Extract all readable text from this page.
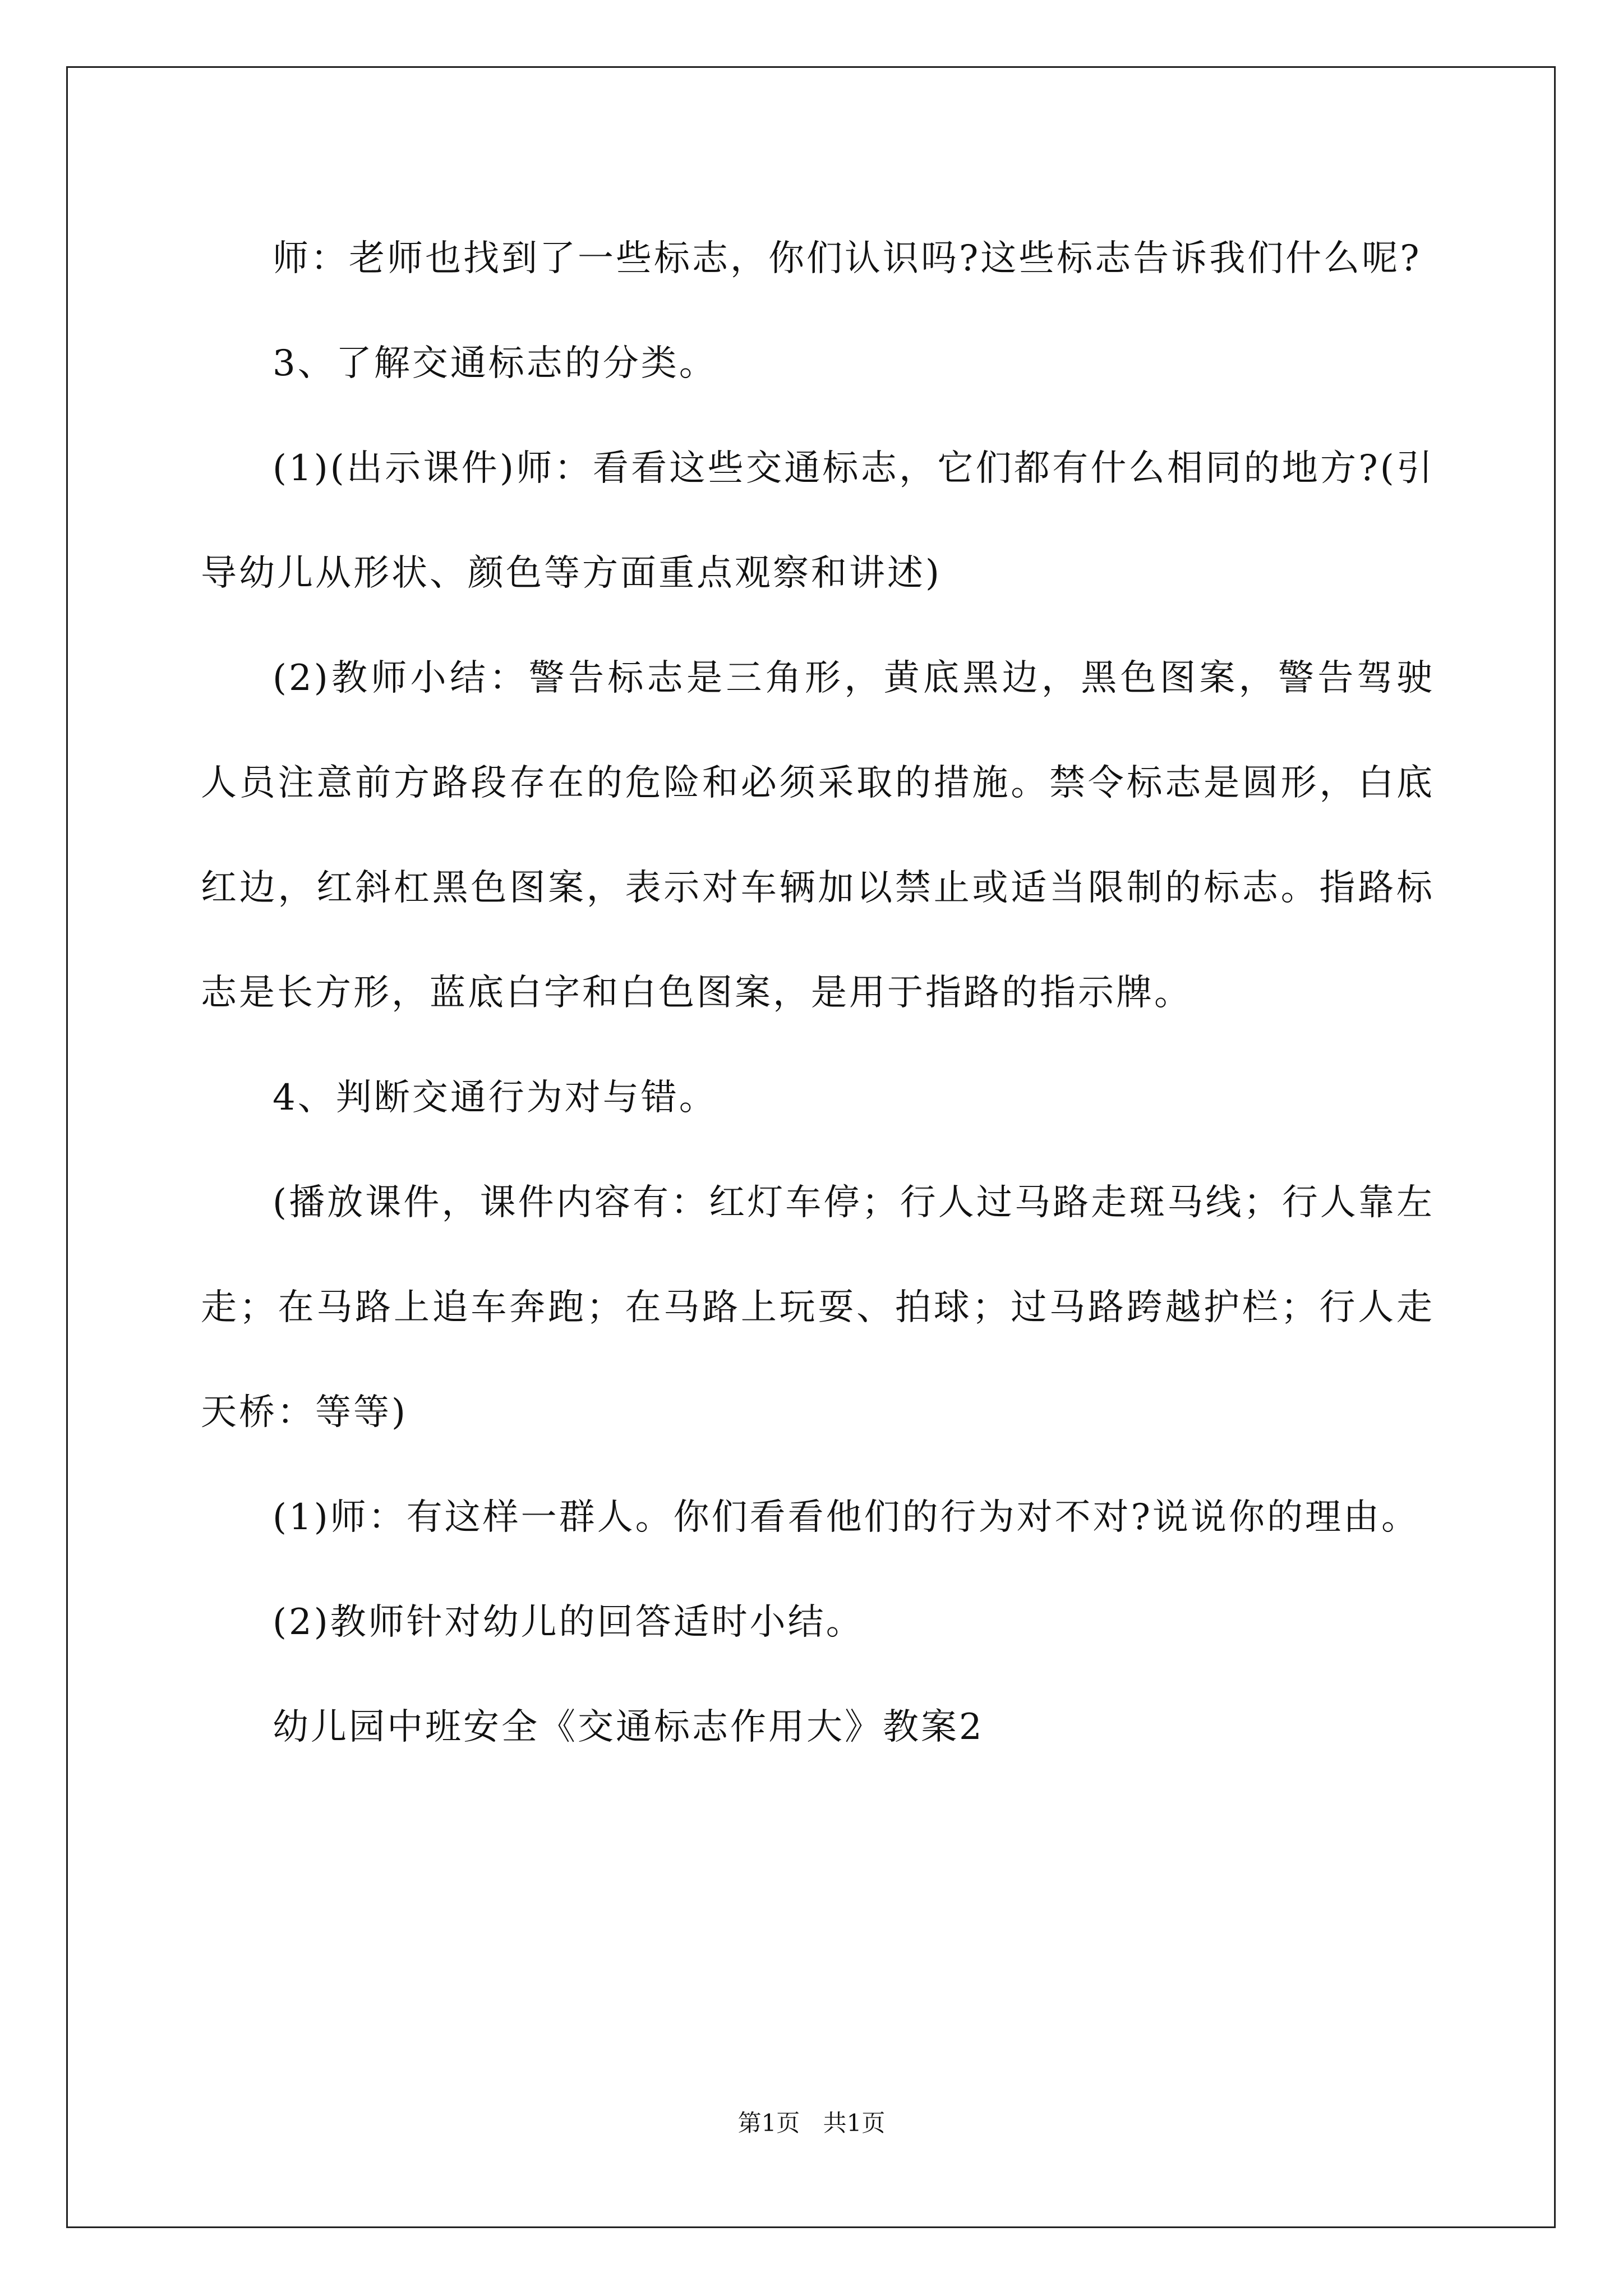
师：老师也找到了一些标志，你们认识吗?这些标志告诉我们什么呢?

3、了解交通标志的分类。

(1)(出示课件)师：看看这些交通标志，它们都有什么相同的地方?(引导幼儿从形状、颜色等方面重点观察和讲述)

(2)教师小结：警告标志是三角形，黄底黑边，黑色图案，警告驾驶人员注意前方路段存在的危险和必须采取的措施。禁令标志是圆形，白底红边，红斜杠黑色图案，表示对车辆加以禁止或适当限制的标志。指路标志是长方形，蓝底白字和白色图案，是用于指路的指示牌。

4、判断交通行为对与错。

(播放课件，课件内容有：红灯车停；行人过马路走斑马线；行人靠左走；在马路上追车奔跑；在马路上玩耍、拍球；过马路跨越护栏；行人走天桥：等等)

(1)师：有这样一群人。你们看看他们的行为对不对?说说你的理由。

(2)教师针对幼儿的回答适时小结。

幼儿园中班安全《交通标志作用大》教案2

第1页 共1页
